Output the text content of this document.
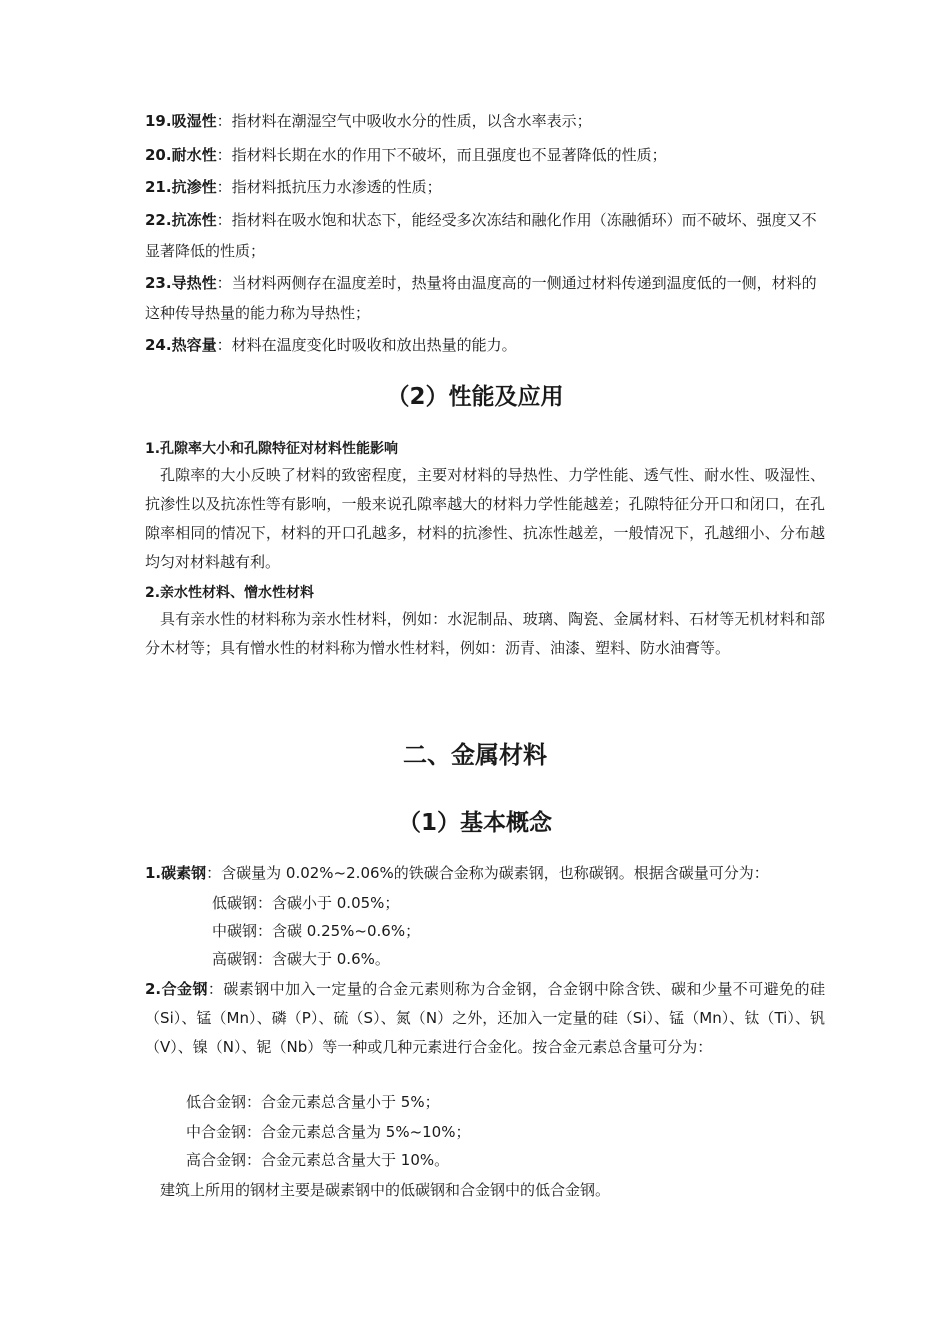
19.吸湿性：指材料在潮湿空气中吸收水分的性质，以含水率表示；
20.耐水性：指材料长期在水的作用下不破坏，而且强度也不显著降低的性质；
21.抗渗性：指材料抵抗压力水渗透的性质；
22.抗冻性：指材料在吸水饱和状态下，能经受多次冻结和融化作用（冻融循环）而不破坏、强度又不显著降低的性质；
23.导热性：当材料两侧存在温度差时，热量将由温度高的一侧通过材料传递到温度低的一侧，材料的这种传导热量的能力称为导热性；
24.热容量：材料在温度变化时吸收和放出热量的能力。
（2）性能及应用
1.孔隙率大小和孔隙特征对材料性能影响
孔隙率的大小反映了材料的致密程度，主要对材料的导热性、力学性能、透气性、耐水性、吸湿性、抗渗性以及抗冻性等有影响，一般来说孔隙率越大的材料力学性能越差；孔隙特征分开口和闭口，在孔隙率相同的情况下，材料的开口孔越多，材料的抗渗性、抗冻性越差，一般情况下，孔越细小、分布越均匀对材料越有利。
2.亲水性材料、憎水性材料
具有亲水性的材料称为亲水性材料，例如：水泥制品、玻璃、陶瓷、金属材料、石材等无机材料和部分木材等；具有憎水性的材料称为憎水性材料，例如：沥青、油漆、塑料、防水油膏等。
二、金属材料
（1）基本概念
1.碳素钢：含碳量为 0.02%~2.06%的铁碳合金称为碳素钢，也称碳钢。根据含碳量可分为：
低碳钢：含碳小于 0.05%；
中碳钢：含碳 0.25%~0.6%；
高碳钢：含碳大于 0.6%。
2.合金钢：碳素钢中加入一定量的合金元素则称为合金钢，合金钢中除含铁、碳和少量不可避免的硅（Si）、锰（Mn）、磷（P）、硫（S）、氮（N）之外，还加入一定量的硅（Si）、锰（Mn）、钛（Ti）、钒（V）、镍（N）、铌（Nb）等一种或几种元素进行合金化。按合金元素总含量可分为：
低合金钢：合金元素总含量小于 5%；
中合金钢：合金元素总含量为 5%~10%；
高合金钢：合金元素总含量大于 10%。
建筑上所用的钢材主要是碳素钢中的低碳钢和合金钢中的低合金钢。
